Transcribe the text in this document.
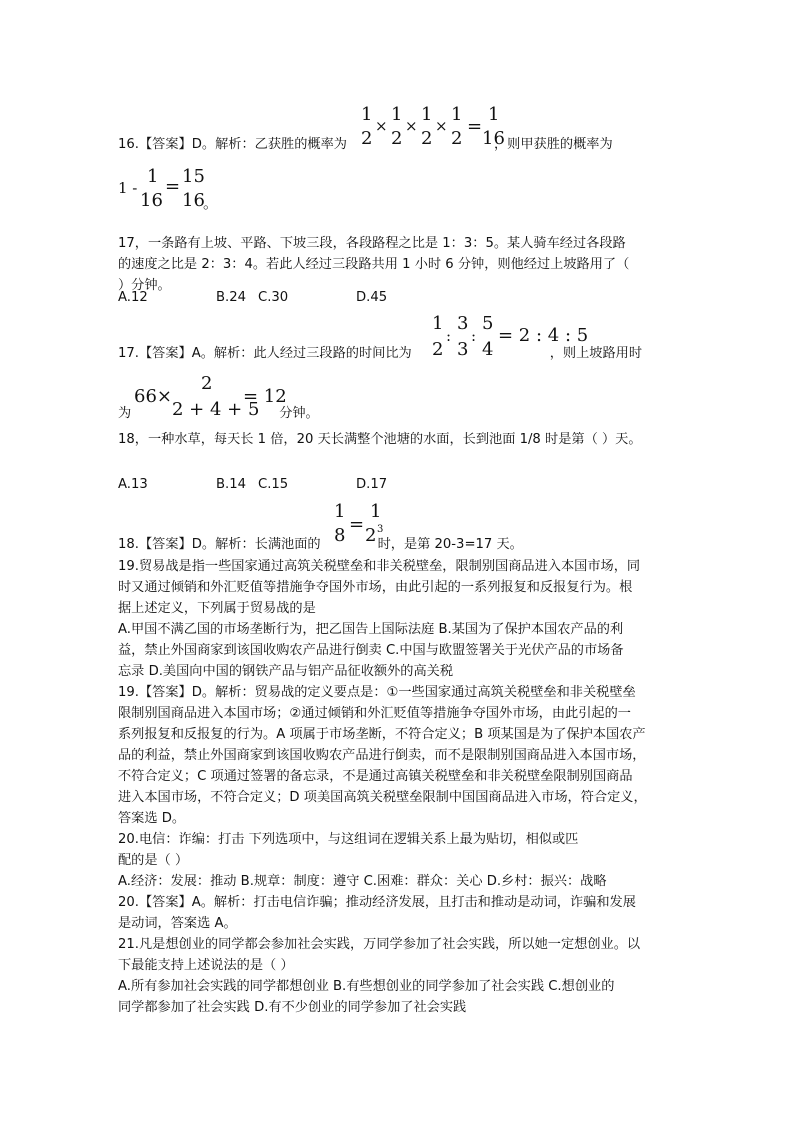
1
2
×
1
2
×
1
2
×
1
2
=
1
16
16.【答案】D。解析：乙获胜的概率为	，则甲获胜的概率为
1 -
1
16
= 15
16
。
17，一条路有上坡、平路、下坡三段，各段路程之比是 1：3：5。某人骑车经过各段路
的速度之比是 2：3：4。若此人经过三段路共用 1 小时 6 分钟，则他经过上坡路用了（
）分钟。
A.12	B.24 C.30	D.45
1
2
:
3
3
:
5
4
= 2 : 4 : 5
17.【答案】A。解析：此人经过三段路的时间比为	，则上坡路用时
66×
2
2 + 4 + 5
= 12
为	分钟。
18，一种水草，每天长 1 倍，20 天长满整个池塘的水面，长到池面 1/8 时是第（ ）天。
A.13	B.14 C.15	D.17
1
8
=
1
2 3
18.【答案】D。解析：长满池面的	时，是第 20-3=17 天。
19.贸易战是指一些国家通过高筑关税壁垒和非关税壁垒，限制别国商品进入本国市场，同
时又通过倾销和外汇贬值等措施争夺国外市场，由此引起的一系列报复和反报复行为。根
据上述定义，下列属于贸易战的是
A.甲国不满乙国的市场垄断行为，把乙国告上国际法庭 B.某国为了保护本国农产品的利
益，禁止外国商家到该国收购农产品进行倒卖 C.中国与欧盟签署关于光伏产品的市场备
忘录 D.美国向中国的钢铁产品与铝产品征收额外的高关税
19.【答案】D。解析：贸易战的定义要点是：①一些国家通过高筑关税壁垒和非关税壁垒
限制别国商品进入本国市场；②通过倾销和外汇贬值等措施争夺国外市场，由此引起的一
系列报复和反报复的行为。A 项属于市场垄断，不符合定义；B 项某国是为了保护本国农产
品的利益，禁止外国商家到该国收购农产品进行倒卖，而不是限制别国商品进入本国市场，
不符合定义；C 项通过签署的备忘录，不是通过高镇关税壁垒和非关税壁垒限制别国商品
进入本国市场，不符合定义；D 项美国高筑关税壁垒限制中国国商品进入市场，符合定义，
答案选 D。
20.电信：诈编：打击 下列选项中，与这组词在逻辑关系上最为贴切，相似或匹
配的是（ ）
A.经济：发展：推动 B.规章：制度：遵守 C.困难：群众：关心 D.乡村：振兴：战略
20.【答案】A。解析：打击电信诈骗；推动经济发展，且打击和推动是动词，诈骗和发展
是动词，答案选 A。
21.凡是想创业的同学都会参加社会实践，万同学参加了社会实践，所以她一定想创业。以
下最能支持上述说法的是（ ）
A.所有参加社会实践的同学都想创业 B.有些想创业的同学参加了社会实践 C.想创业的
同学都参加了社会实践 D.有不少创业的同学参加了社会实践
